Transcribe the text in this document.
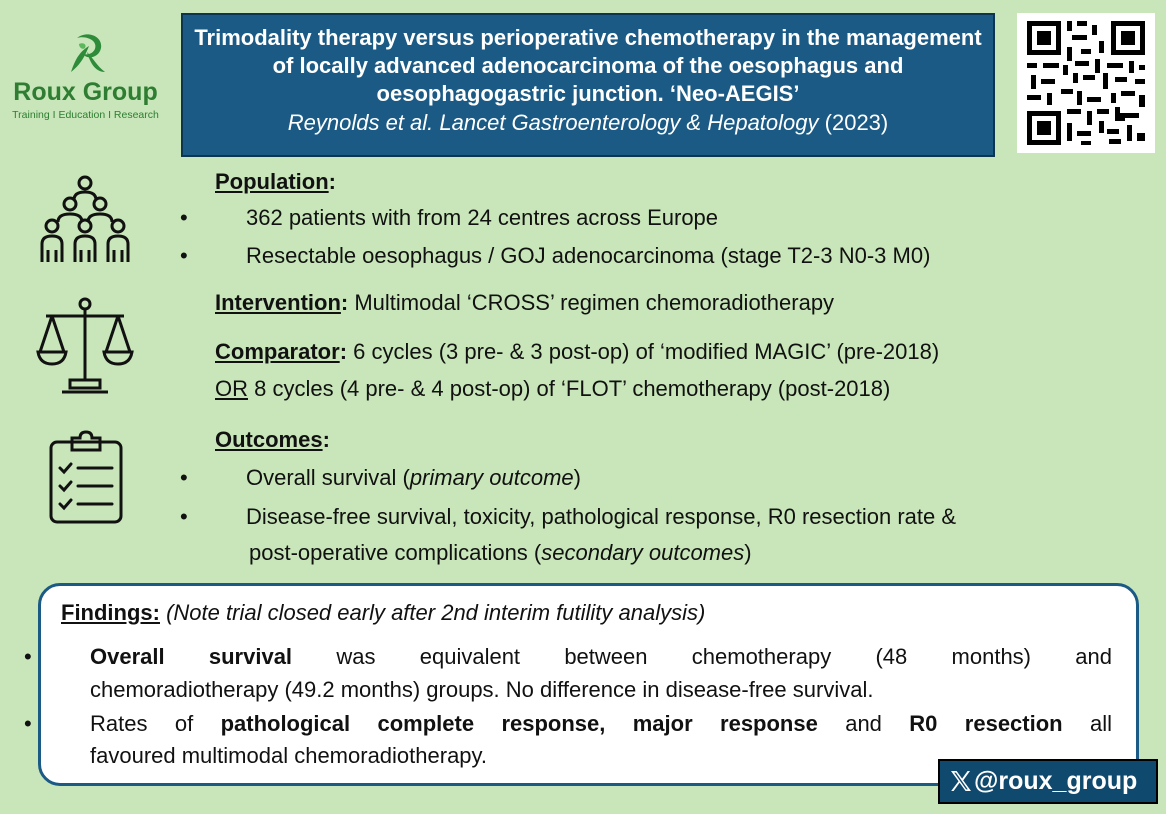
Roux Group
Training I Education I Research
Trimodality therapy versus perioperative chemotherapy in the management of locally advanced adenocarcinoma of the oesophagus and oesophagogastric junction. ‘Neo-AEGIS’
Reynolds et al. Lancet Gastroenterology & Hepatology (2023)
Population:
•	362 patients with from 24 centres across Europe
•	Resectable oesophagus / GOJ adenocarcinoma (stage T2-3 N0-3 M0)
Intervention: Multimodal ‘CROSS’ regimen chemoradiotherapy
Comparator: 6 cycles (3 pre- & 3 post-op) of ‘modified MAGIC’ (pre-2018)
OR 8 cycles (4 pre- & 4 post-op) of ‘FLOT’ chemotherapy (post-2018)
Outcomes:
•	Overall survival (primary outcome)
•	Disease-free survival, toxicity, pathological response, R0 resection rate &
post-operative complications (secondary outcomes)
Findings: (Note trial closed early after 2nd interim futility analysis)
•	Overall survival was equivalent between chemotherapy (48 months) and
chemoradiotherapy (49.2 months) groups. No difference in disease-free survival.
•	Rates of pathological complete response, major response and R0 resection all
favoured multimodal chemoradiotherapy.
@roux_group
